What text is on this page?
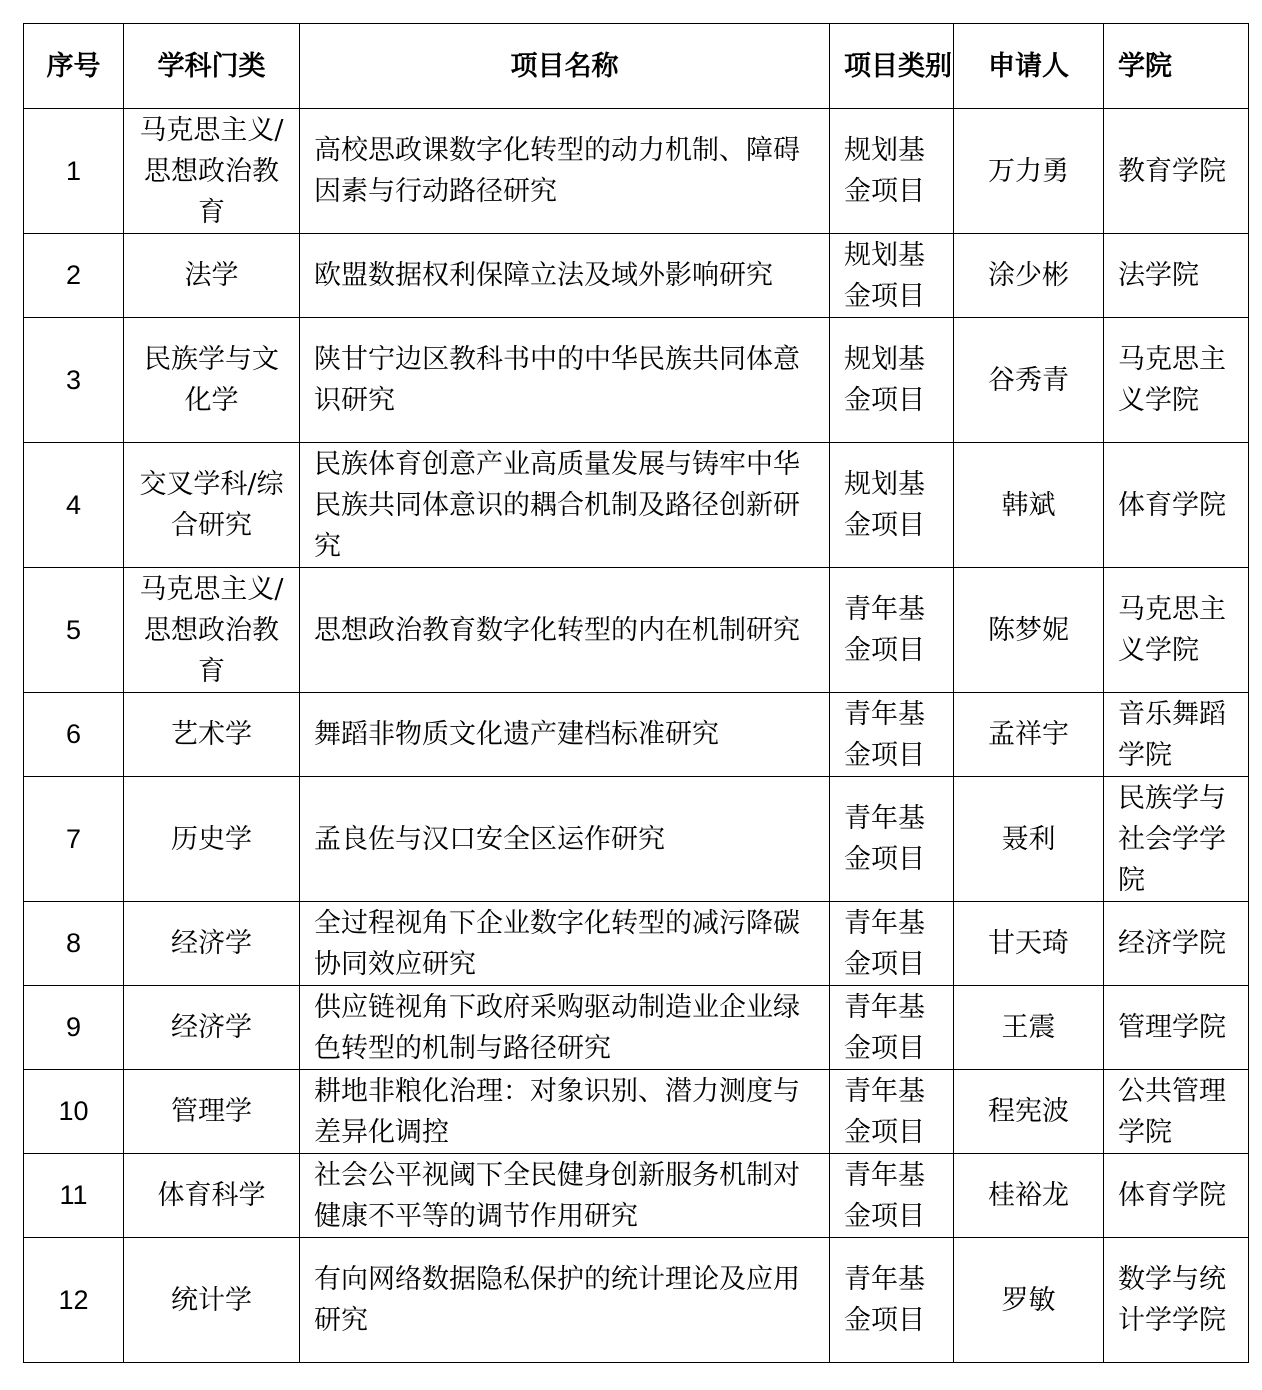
序号	学科门类	项目名称	项目类别	申请人	学院
1	马克思主义/思想政治教育	高校思政课数字化转型的动力机制、障碍因素与行动路径研究	规划基金项目	万力勇	教育学院
2	法学	欧盟数据权利保障立法及域外影响研究	规划基金项目	涂少彬	法学院
3	民族学与文化学	陕甘宁边区教科书中的中华民族共同体意识研究	规划基金项目	谷秀青	马克思主义学院
4	交叉学科/综合研究	民族体育创意产业高质量发展与铸牢中华民族共同体意识的耦合机制及路径创新研究	规划基金项目	韩斌	体育学院
5	马克思主义/思想政治教育	思想政治教育数字化转型的内在机制研究	青年基金项目	陈梦妮	马克思主义学院
6	艺术学	舞蹈非物质文化遗产建档标准研究	青年基金项目	孟祥宇	音乐舞蹈学院
7	历史学	孟良佐与汉口安全区运作研究	青年基金项目	聂利	民族学与社会学学院
8	经济学	全过程视角下企业数字化转型的减污降碳协同效应研究	青年基金项目	甘天琦	经济学院
9	经济学	供应链视角下政府采购驱动制造业企业绿色转型的机制与路径研究	青年基金项目	王震	管理学院
10	管理学	耕地非粮化治理：对象识别、潜力测度与差异化调控	青年基金项目	程宪波	公共管理学院
11	体育科学	社会公平视阈下全民健身创新服务机制对健康不平等的调节作用研究	青年基金项目	桂裕龙	体育学院
12	统计学	有向网络数据隐私保护的统计理论及应用研究	青年基金项目	罗敏	数学与统计学学院
